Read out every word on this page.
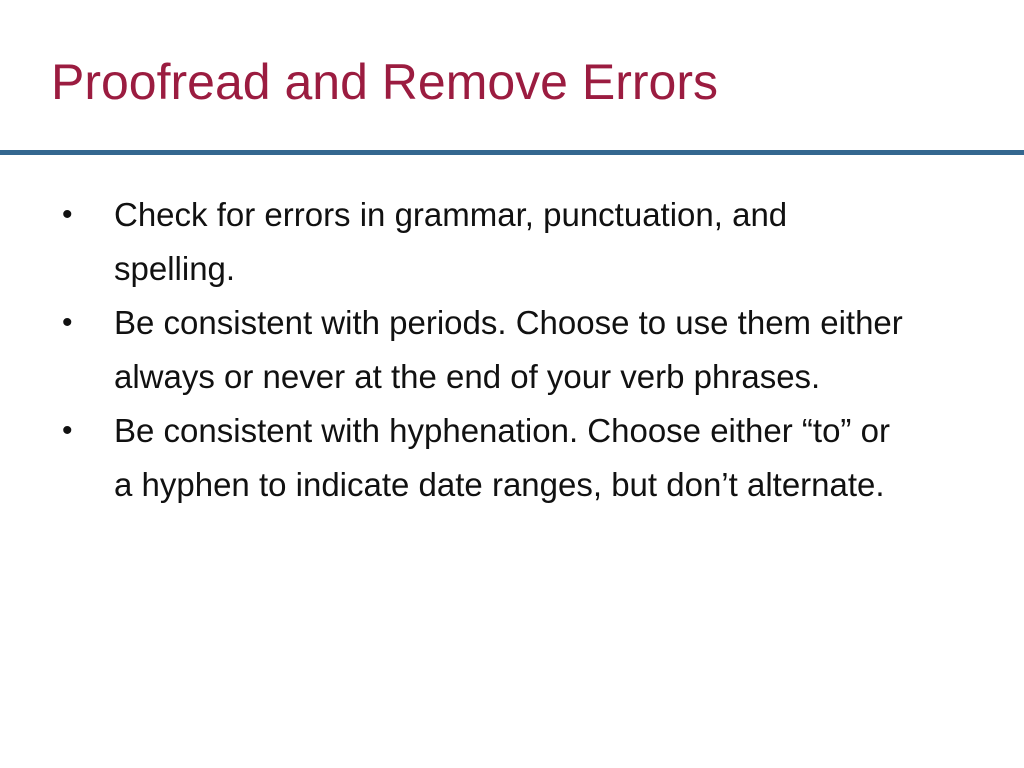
Proofread and Remove Errors
• Check for errors in grammar, punctuation, and spelling.
• Be consistent with periods. Choose to use them either always or never at the end of your verb phrases.
• Be consistent with hyphenation. Choose either “to” or a hyphen to indicate date ranges, but don’t alternate.
